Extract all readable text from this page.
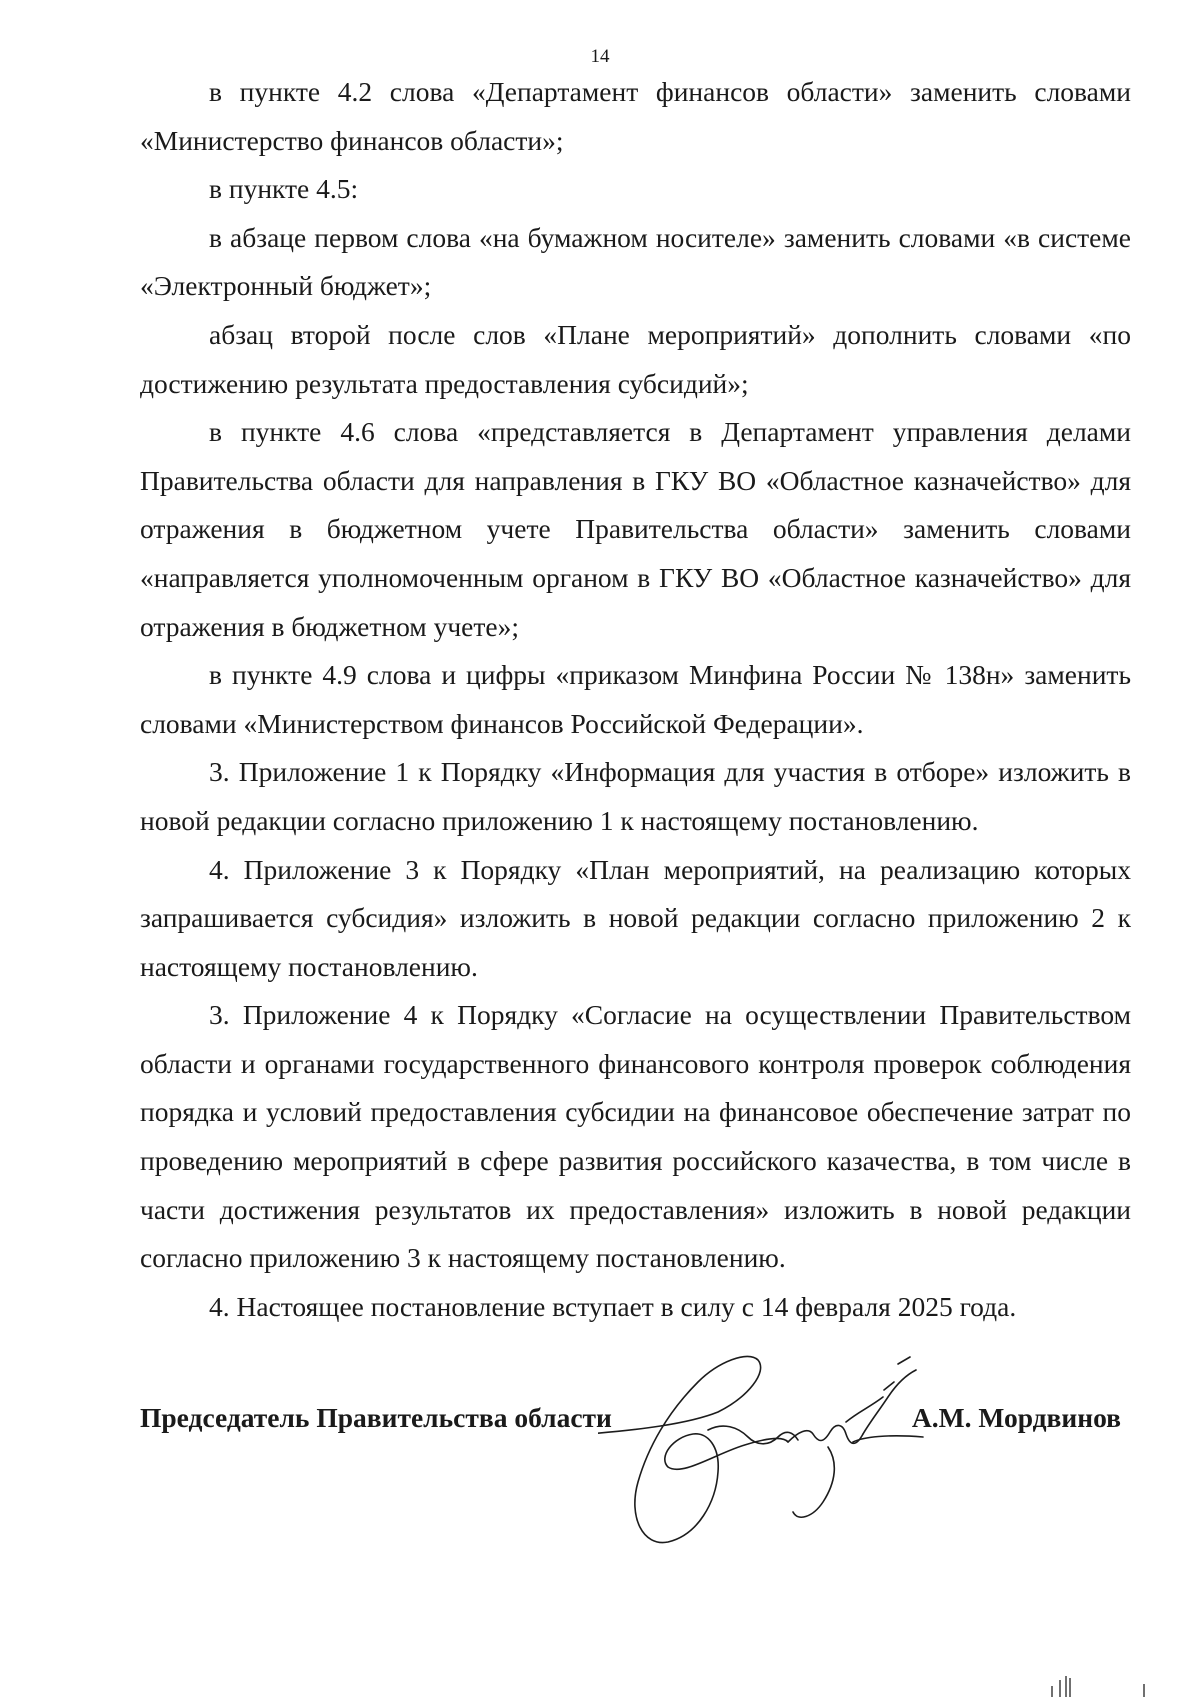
14

в пункте 4.2 слова «Департамент финансов области» заменить словами «Министерство финансов области»;

в пункте 4.5:

в абзаце первом слова «на бумажном носителе» заменить словами «в системе «Электронный бюджет»;

абзац второй после слов «Плане мероприятий» дополнить словами «по достижению результата предоставления субсидий»;

в пункте 4.6 слова «представляется в Департамент управления делами Правительства области для направления в ГКУ ВО «Областное казначейство» для отражения в бюджетном учете Правительства области» заменить словами «направляется уполномоченным органом в ГКУ ВО «Областное казначейство» для отражения в бюджетном учете»;

в пункте 4.9 слова и цифры «приказом Минфина России № 138н» заменить словами «Министерством финансов Российской Федерации».

3. Приложение 1 к Порядку «Информация для участия в отборе» изложить в новой редакции согласно приложению 1 к настоящему постановлению.

4. Приложение 3 к Порядку «План мероприятий, на реализацию которых запрашивается субсидия» изложить в новой редакции согласно приложению 2 к настоящему постановлению.

3. Приложение 4 к Порядку «Согласие на осуществлении Правительством области и органами государственного финансового контроля проверок соблюдения порядка и условий предоставления субсидии на финансовое обеспечение затрат по проведению мероприятий в сфере развития российского казачества, в том числе в части достижения результатов их предоставления» изложить в новой редакции согласно приложению 3 к настоящему постановлению.

4. Настоящее постановление вступает в силу с 14 февраля 2025 года.

Председатель Правительства области	А.М. Мордвинов
